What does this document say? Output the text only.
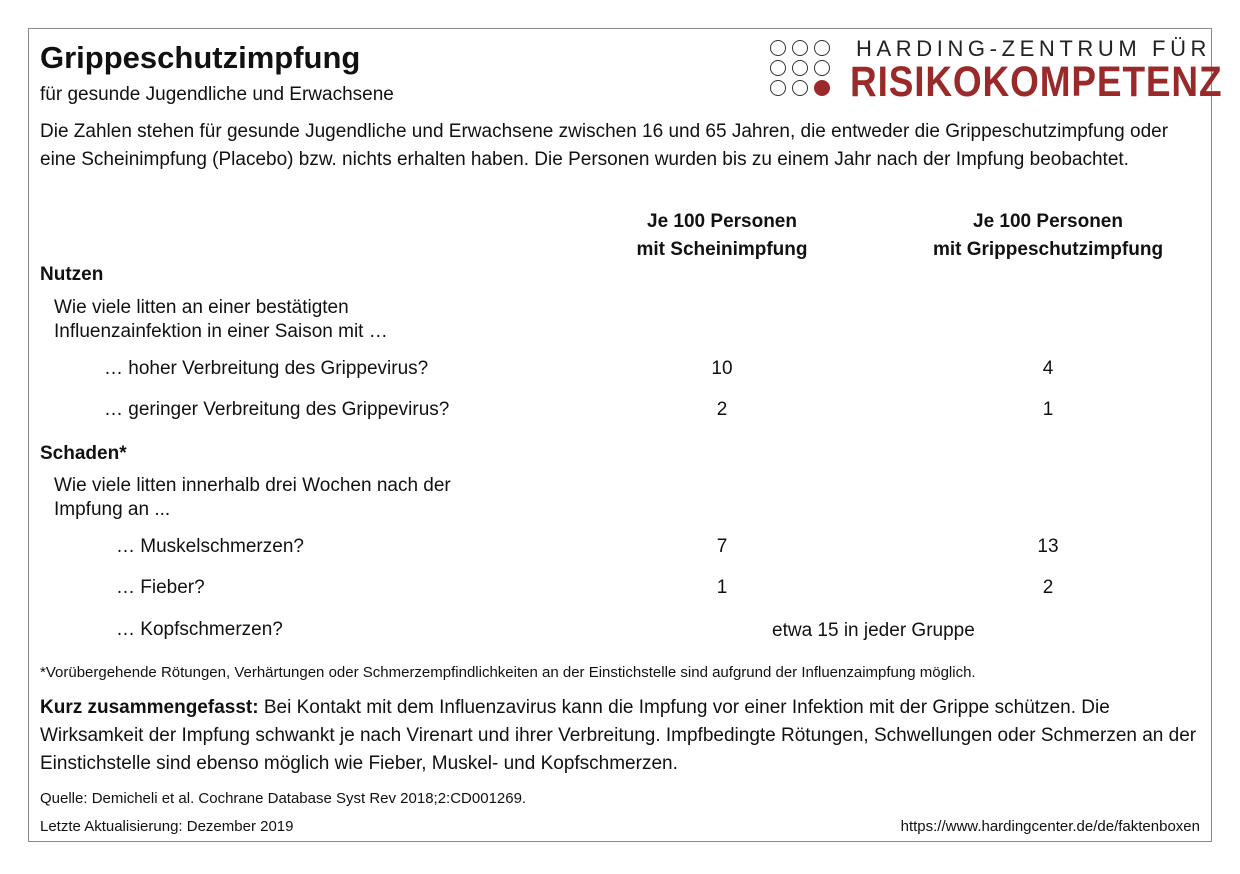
Grippeschutzimpfung
für gesunde Jugendliche und Erwachsene
HARDING-ZENTRUM FÜR
RISIKOKOMPETENZ
Die Zahlen stehen für gesunde Jugendliche und Erwachsene zwischen 16 und 65 Jahren, die entweder die Grippeschutzimpfung oder eine Scheinimpfung (Placebo) bzw. nichts erhalten haben. Die Personen wurden bis zu einem Jahr nach der Impfung beobachtet.
Je 100 Personen
mit Scheinimpfung
Je 100 Personen
mit Grippeschutzimpfung
Nutzen
Wie viele litten an einer bestätigten
Influenzainfektion in einer Saison mit …
… hoher Verbreitung des Grippevirus?	10	4
… geringer Verbreitung des Grippevirus?	2	1
Schaden*
Wie viele litten innerhalb drei Wochen nach der
Impfung an ...
… Muskelschmerzen?	7	13
… Fieber?	1	2
… Kopfschmerzen?	etwa 15 in jeder Gruppe
*Vorübergehende Rötungen, Verhärtungen oder Schmerzempfindlichkeiten an der Einstichstelle sind aufgrund der Influenzaimpfung möglich.
Kurz zusammengefasst: Bei Kontakt mit dem Influenzavirus kann die Impfung vor einer Infektion mit der Grippe schützen. Die Wirksamkeit der Impfung schwankt je nach Virenart und ihrer Verbreitung. Impfbedingte Rötungen, Schwellungen oder Schmerzen an der Einstichstelle sind ebenso möglich wie Fieber, Muskel- und Kopfschmerzen.
Quelle: Demicheli et al. Cochrane Database Syst Rev 2018;2:CD001269.
Letzte Aktualisierung: Dezember 2019	https://www.hardingcenter.de/de/faktenboxen
